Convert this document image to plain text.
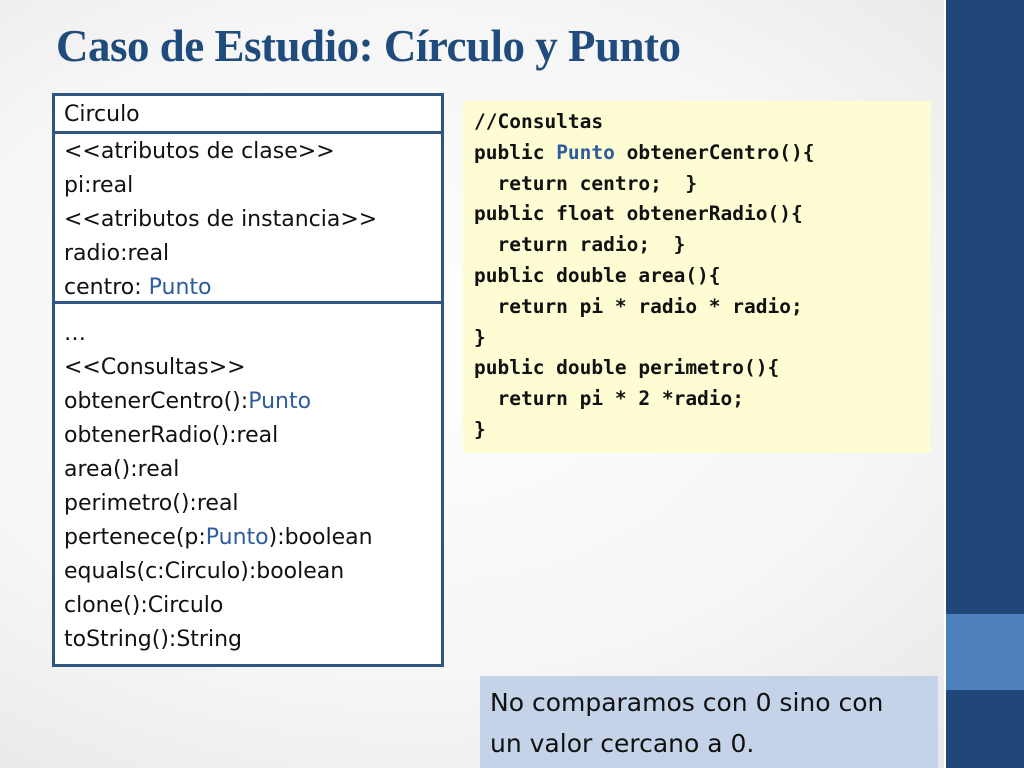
Caso de Estudio: Círculo y Punto
Circulo
<<atributos de clase>>
pi:real
<<atributos de instancia>>
radio:real
centro: Punto
…
<<Consultas>>
obtenerCentro():Punto
obtenerRadio():real
area():real
perimetro():real
pertenece(p:Punto):boolean
equals(c:Circulo):boolean
clone():Circulo
toString():String
//Consultas
public Punto obtenerCentro(){
return centro;  }
public float obtenerRadio(){
return radio;  }
public double area(){
return pi * radio * radio;
}
public double perimetro(){
return pi * 2 *radio;
}
No comparamos con 0 sino con
un valor cercano a 0.
